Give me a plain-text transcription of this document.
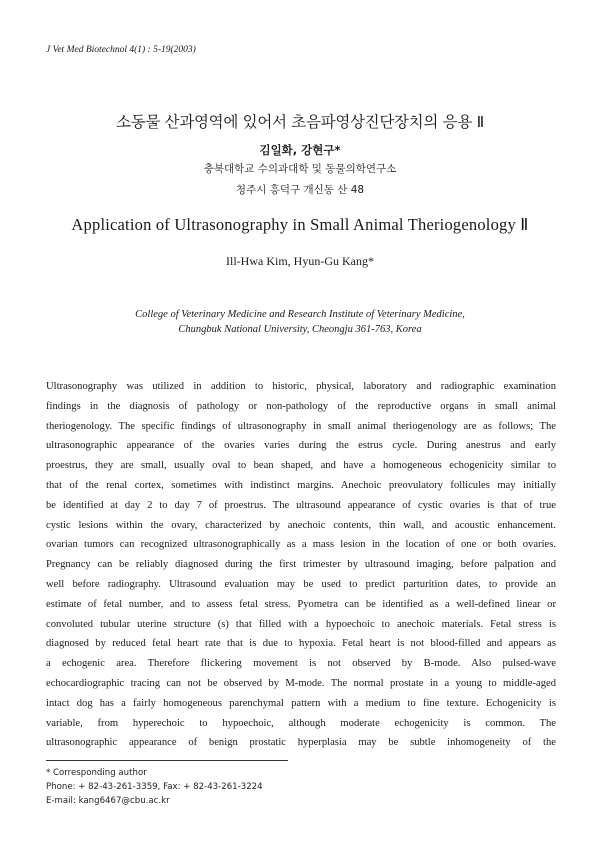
J Vet Med Biotechnol 4(1) : 5-19(2003)
소동물 산과영역에 있어서 초음파영상진단장치의 응용 Ⅱ
김일화, 강현구*
충북대학교 수의과대학 및 동물의학연구소
청주시 흥덕구 개신동 산 48
Application of Ultrasonography in Small Animal Theriogenology Ⅱ
Ill-Hwa Kim, Hyun-Gu Kang*
College of Veterinary Medicine and Research Institute of Veterinary Medicine,
Chungbuk National University, Cheongju 361-763, Korea
Ultrasonography was utilized in addition to historic, physical, laboratory and radiographic examination
findings in the diagnosis of pathology or non-pathology of the reproductive organs in small animal
theriogenology. The specific findings of ultrasonography in small animal theriogenology are as follows; The
ultrasonographic appearance of the ovaries varies during the estrus cycle. During anestrus and early
proestrus, they are small, usually oval to bean shaped, and have a homogeneous echogenicity similar to
that of the renal cortex, sometimes with indistinct margins. Anechoic preovulatory follicules may initially
be identified at day 2 to day 7 of proestrus. The ultrasound appearance of cystic ovaries is that of true
cystic lesions within the ovary, characterized by anechoic contents, thin wall, and acoustic enhancement.
ovarian tumors can recognized ultrasonographically as a mass lesion in the location of one or both ovaries.
Pregnancy can be reliably diagnosed during the first trimester by ultrasound imaging, before palpation and
well before radiography. Ultrasound evaluation may be used to predict parturition dates, to provide an
estimate of fetal number, and to assess fetal stress. Pyometra can be identified as a well-defined linear or
convoluted tubular uterine structure (s) that filled with a hypoechoic to anechoic materials. Fetal stress is
diagnosed by reduced fetal heart rate that is due to hypoxia. Fetal heart is not blood-filled and appears as
a echogenic area. Therefore flickering movement is not observed by B-mode. Also pulsed-wave
echocardiographic tracing can not be observed by M-mode. The normal prostate in a young to middle-aged
intact dog has a fairly homogeneous parenchymal pattern with a medium to fine texture. Echogenicity is
variable, from hyperechoic to hypoechoic, although moderate echogenicity is common. The
ultrasonographic appearance of benign prostatic hyperplasia may be subtle inhomogeneity of the
* Corresponding author
Phone: + 82-43-261-3359, Fax: + 82-43-261-3224
E-mail: kang6467@cbu.ac.kr
